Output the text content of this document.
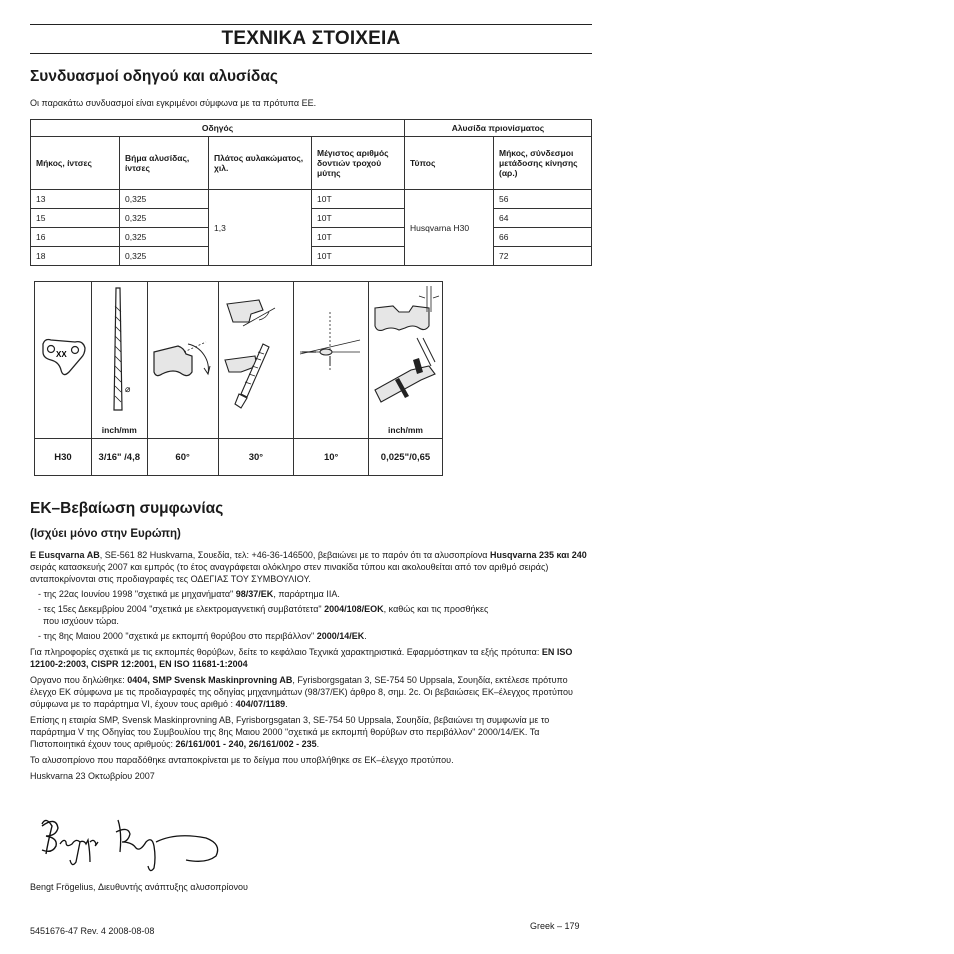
ΤΕΧΝΙΚΑ ΣΤΟΙΧΕΙΑ
Συνδυασμοί οδηγού και αλυσίδας
Οι παρακάτω συνδυασμοί είναι εγκριμένοι σύμφωνα με τα πρότυπα ΕΕ.
Οδηγός				Αλυσίδα πριονίσματος	
Μήκος, ίντσες	Βήμα αλυσίδας, ίντσες	Πλάτος αυλακώματος, χιλ.	Μέγιστος αριθμός δοντιών τροχού μύτης	Τύπος	Μήκος, σύνδεσμοι μετάδοσης κίνησης (αρ.)
13	0,325	1,3	10T	Husqvarna H30	56
15	0,325		10T		64
16	0,325		10T		66
18	0,325		10T		72
XX	⌀
inch/mm				inch/mm

H30	3/16" /4,8	60°	30°	10°	0,025"/0,65
ΕΚ–Βεβαίωση συμφωνίας
(Ισχύει μόνο στην Ευρώπη)

Ε Eusqvarna AB, SE-561 82 Huskvarna, Σουεδία, τελ: +46-36-146500, βεβαιώνει με το παρόν ότι τα αλυσοπρίονα Husqvarna 235 και 240 σειράς κατασκευής 2007 και εμπρός (το έτος αναγράφεται ολόκληρο στεν πινακίδα τύπου και ακολουθείται από τον αριθμό σειράς) ανταποκρίνονται στις προδιαγραφές τες ΟΔΕΓΙΑΣ ΤΟΥ ΣΥΜΒΟΥΛΙΟΥ.

- της 22ας Ιουνίου 1998 "σχετικά με μηχανήματα" 98/37/ΕΚ, παράρτημα IIA.

- τες 15ες Δεκεμβρίου 2004 "σχετικά με ελεκτρομαγνετική συμβατότετα" 2004/108/ΕΟΚ, καθώς και τις προσθήκες

που ισχύουν τώρα.

- της 8ης Μαιου 2000 "σχετικά με εκπομπή θορύβου στο περιβάλλον" 2000/14/ΕΚ.

Για πληροφορίες σχετικά με τις εκπομπές θορύβων, δείτε το κεφάλαιο Τεχνικά χαρακτηριστικά. Εφαρμόστηκαν τα εξής πρότυπα: EN ISO 12100-2:2003, CISPR 12:2001, EN ISO 11681-1:2004

Οργανο που δηλώθηκε: 0404, SMP Svensk Maskinprovning AB, Fyrisborgsgatan 3, SE-754 50 Uppsala, Σουηδία, εκτέλεσε πρότυπο έλεγχο ΕΚ σύμφωνα με τις προδιαγραφές της οδηγίας μηχανημάτων (98/37/ΕΚ) άρθρο 8, σημ. 2c. Οι βεβαιώσεις ΕΚ–έλεγχος προτύπου σύμφωνα με το παράρτημα VI, έχουν τους αριθμό : 404/07/1189.

Επίσης η εταιρία SMP, Svensk Maskinprovning AB, Fyrisborgsgatan 3, SE-754 50 Uppsala, Σουηδία, βεβαιώνει τη συμφωνία με το παράρτημα V της Οδηγίας του Συμβουλίου της 8ης Μαιου 2000 "σχετικά με εκπομπή θορύβων στο περιβάλλον" 2000/14/ΕΚ. Τα Πιστοποιητικά έχουν τους αριθμούς: 26/161/001 - 240, 26/161/002 - 235.

Το αλυσοπρίονο που παραδόθηκε ανταποκρίνεται με το δείγμα που υποβλήθηκε σε ΕΚ–έλεγχο προτύπου.

Huskvarna 23 Οκτωβρίου 2007

Bengt Frögelius, Διευθυντής ανάπτυξης αλυσοπρίονου
5451676-47 Rev. 4 2008-08-08	Greek – 179
